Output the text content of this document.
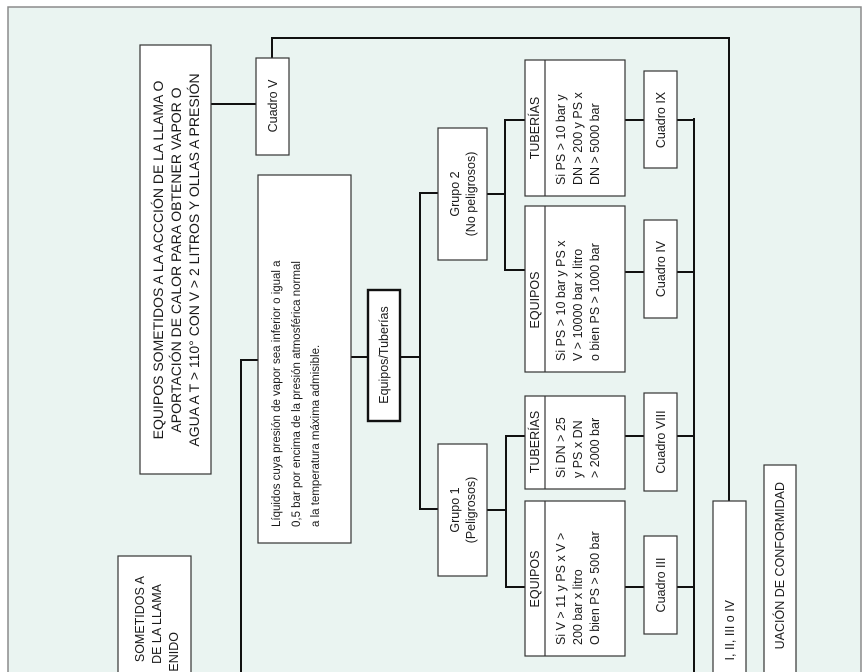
EQUIPOS SOMETIDOS A LA ACCCIÓN DE LA LLAMA O APORTACIÓN DE CALOR PARA OBTENER VAPOR O AGUA A T > 110° CON V > 2 LITROS Y OLLAS A PRESIÓN	Cuadro V
Líquidos cuya presión de vapor sea inferior o igual a 0,5 bar por encima de la presión atmosférica normal a la temperatura máxima admisible.	Equipos/Tuberías
Grupo 2 (No peligrosos)
TUBERÍAS Si PS > 10 bar y DN > 200 y PS x DN > 5000 bar
EQUIPOS Si PS > 10 bar y PS x V > 10000 bar x litro o bien PS > 1000 bar
Cuadro IX
Cuadro IV
Grupo 1 (Peligrosos)
TUBERÍAS Si DN > 25 y PS x DN > 2000 bar
EQUIPOS Si V > 11 y PS x V > 200 bar x litro O bien PS > 500 bar
Cuadro VIII
Cuadro III
I, II, III o IV	UACIÓN DE CONFORMIDAD
SOMETIDOS A DE LA LLAMA ENIDO
